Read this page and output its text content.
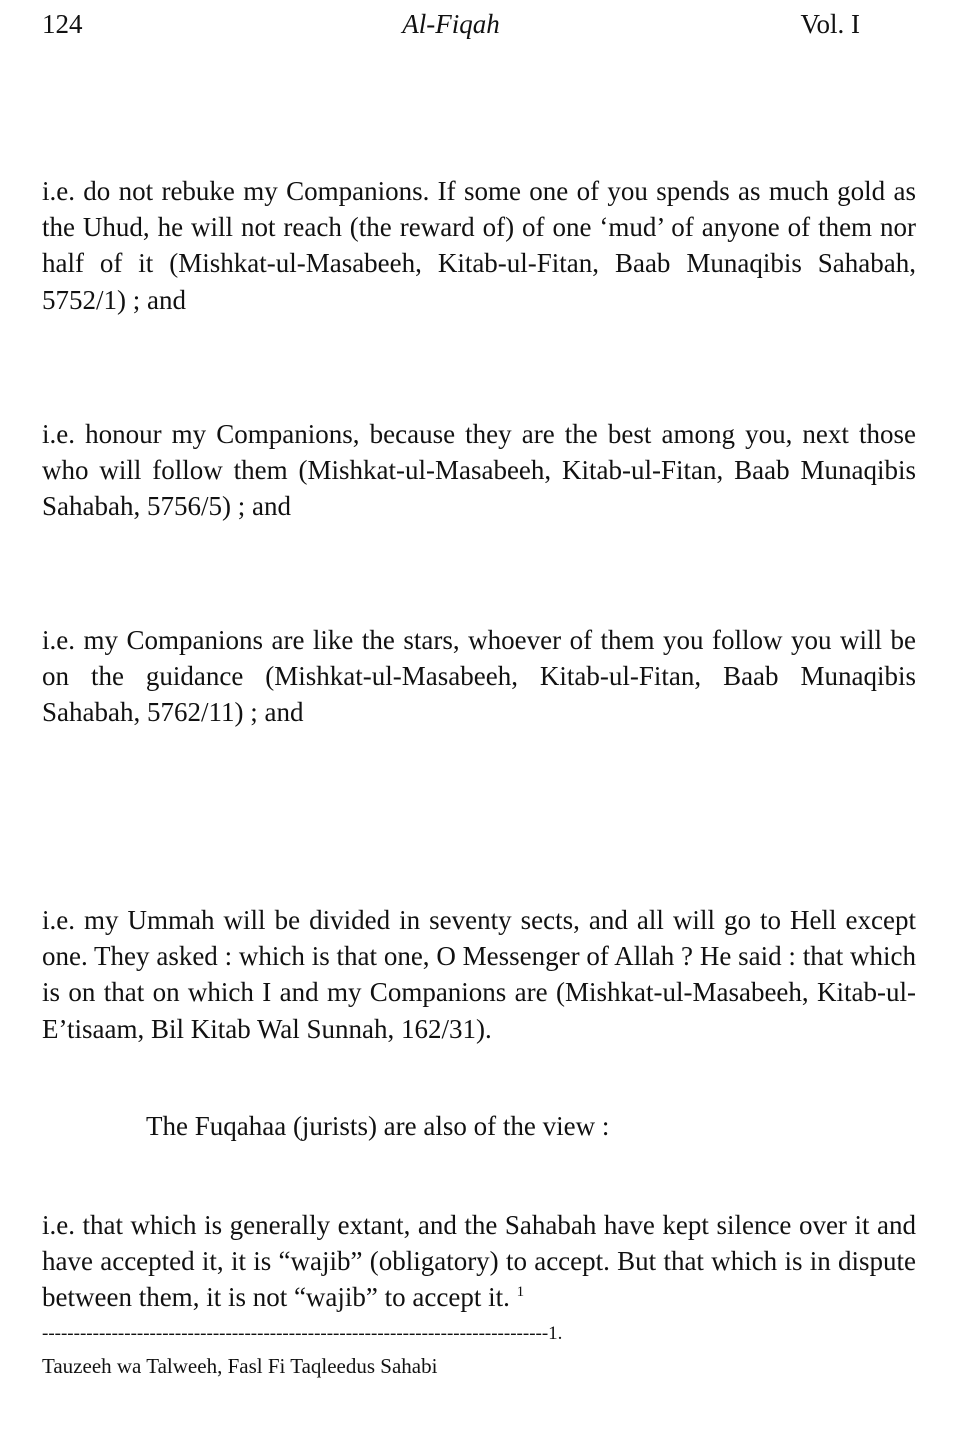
124	Al-Fiqah	Vol. I

i.e. do not rebuke my Companions. If some one of you spends as much gold as the Uhud, he will not reach (the reward of) of one ‘mud’ of anyone of them nor half of it (Mishkat-ul-Masabeeh, Kitab-ul-Fitan, Baab Munaqibis Sahabah, 5752/1) ; and

i.e. honour my Companions, because they are the best among you, next those who will follow them (Mishkat-ul-Masabeeh, Kitab-ul-Fitan, Baab Munaqibis Sahabah, 5756/5) ; and

i.e. my Companions are like the stars, whoever of them you follow you will be on the guidance (Mishkat-ul-Masabeeh, Kitab-ul-Fitan, Baab Munaqibis Sahabah, 5762/11) ; and

i.e. my Ummah will be divided in seventy sects, and all will go to Hell except one. They asked : which is that one, O Messenger of Allah ? He said : that which is on that on which I and my Companions are (Mishkat-ul-Masabeeh, Kitab-ul-E’tisaam, Bil Kitab Wal Sunnah, 162/31).

The Fuqahaa (jurists) are also of the view :

i.e. that which is generally extant, and the Sahabah have kept silence over it and have accepted it, it is “wajib” (obligatory) to accept. But that which is in dispute between them, it is not “wajib” to accept it. $^1$

--------------------------------------------------------------------------------1.
Tauzeeh wa Talweeh, Fasl Fi Taqleedus Sahabi
